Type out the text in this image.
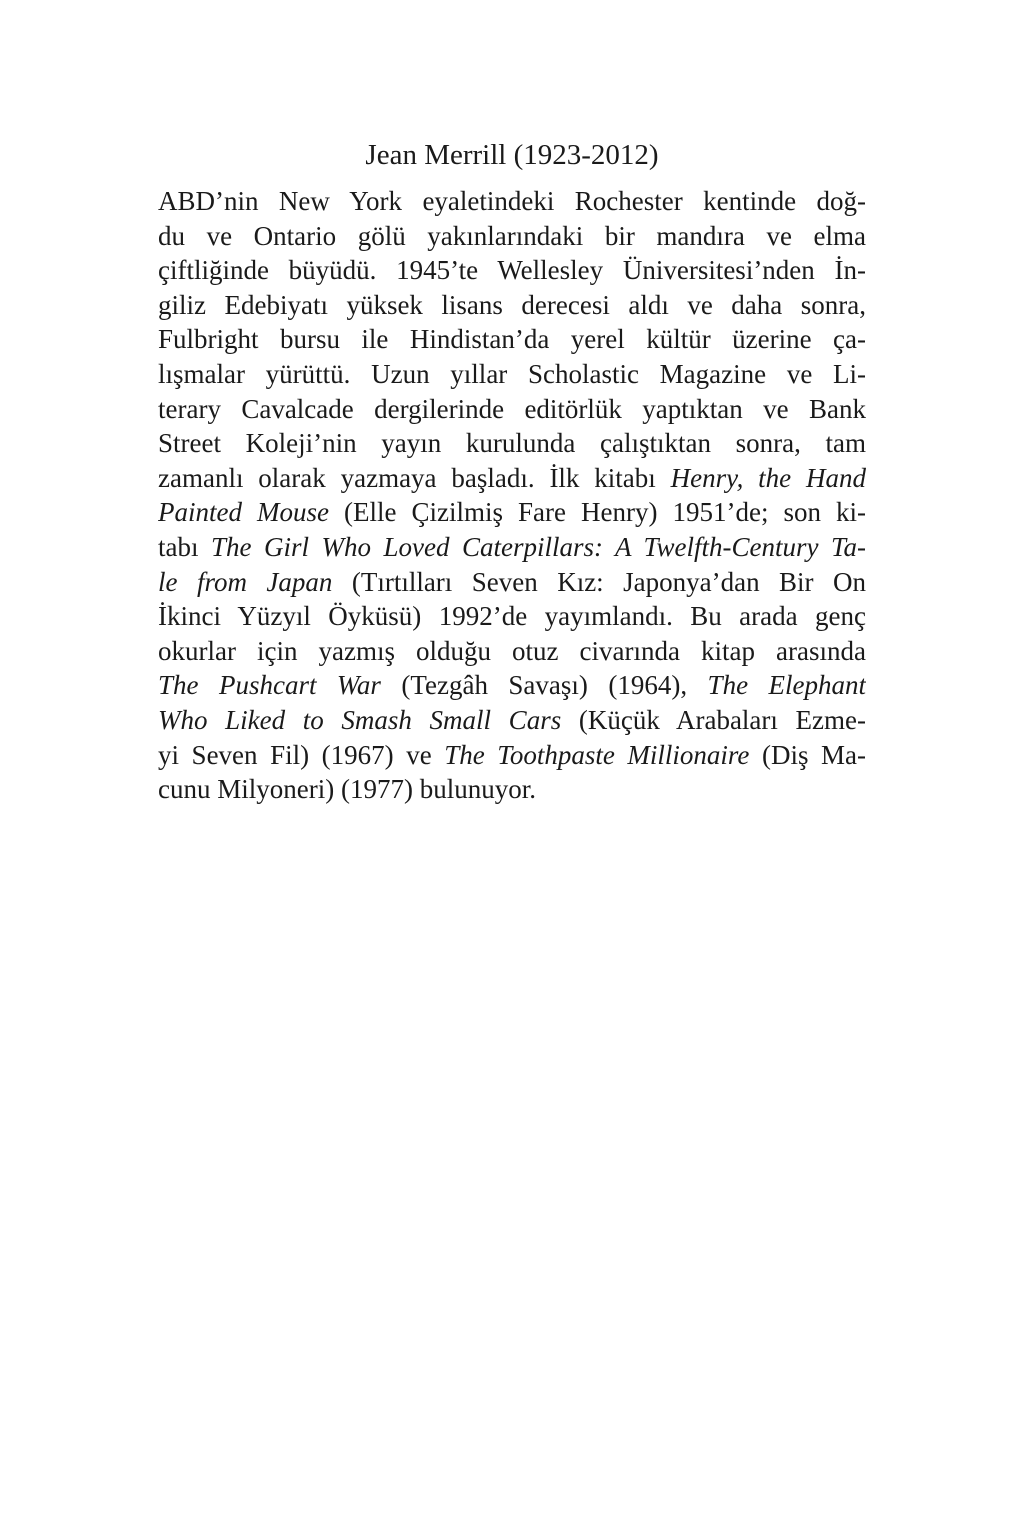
Jean Merrill (1923-2012)
ABD’nin New York eyaletindeki Rochester kentinde doğ-
du ve Ontario gölü yakınlarındaki bir mandıra ve elma
çiftliğinde büyüdü. 1945’te Wellesley Üniversitesi’nden İn-
giliz Edebiyatı yüksek lisans derecesi aldı ve daha sonra,
Fulbright bursu ile Hindistan’da yerel kültür üzerine ça-
lışmalar yürüttü. Uzun yıllar Scholastic Magazine ve Li-
terary Cavalcade dergilerinde editörlük yaptıktan ve Bank
Street Koleji’nin yayın kurulunda çalıştıktan sonra, tam
zamanlı olarak yazmaya başladı. İlk kitabı Henry, the Hand
Painted Mouse (Elle Çizilmiş Fare Henry) 1951’de; son ki-
tabı The Girl Who Loved Caterpillars: A Twelfth-Century Ta-
le from Japan (Tırtılları Seven Kız: Japonya’dan Bir On
İkinci Yüzyıl Öyküsü) 1992’de yayımlandı. Bu arada genç
okurlar için yazmış olduğu otuz civarında kitap arasında
The Pushcart War (Tezgâh Savaşı) (1964), The Elephant
Who Liked to Smash Small Cars (Küçük Arabaları Ezme-
yi Seven Fil) (1967) ve The Toothpaste Millionaire (Diş Ma-
cunu Milyoneri) (1977) bulunuyor.
